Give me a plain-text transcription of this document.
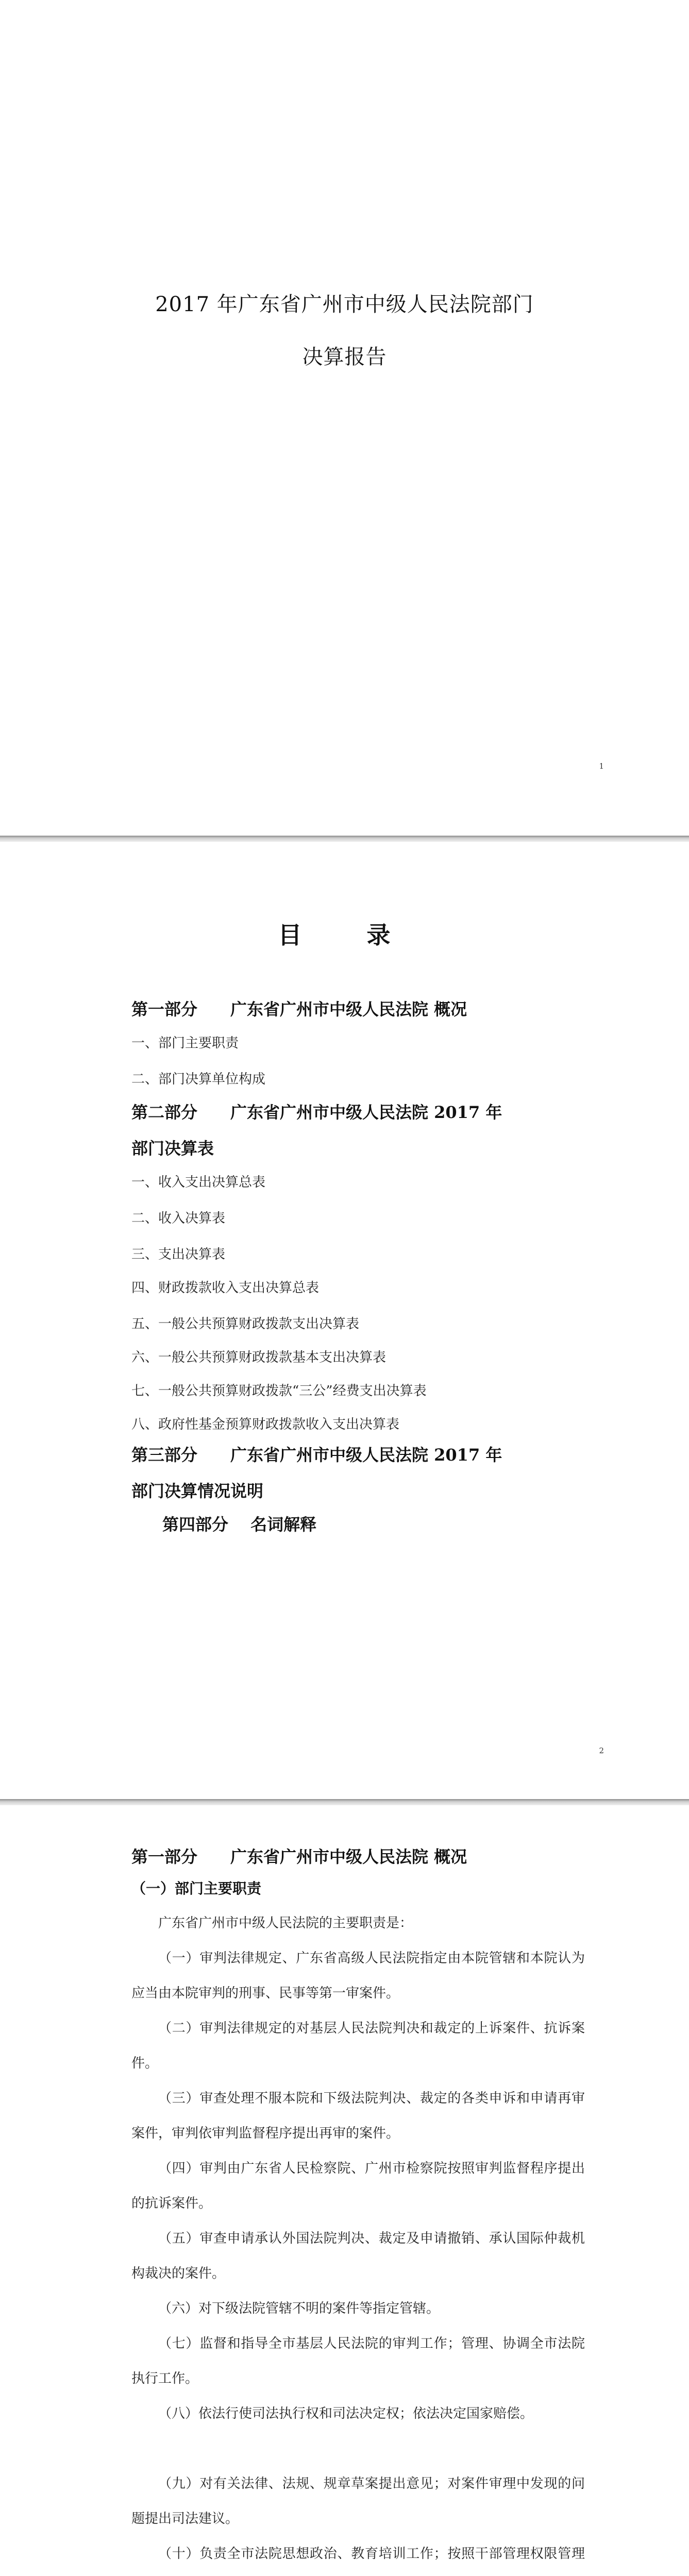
2017 年广东省广州市中级人民法院部门
决算报告
1
目　录
第一部分　　广东省广州市中级人民法院 概况
一、部门主要职责
二、部门决算单位构成
第二部分　　广东省广州市中级人民法院 2017 年
部门决算表
一、收入支出决算总表
二、收入决算表
三、支出决算表
四、财政拨款收入支出决算总表
五、一般公共预算财政拨款支出决算表
六、一般公共预算财政拨款基本支出决算表
七、一般公共预算财政拨款“三公”经费支出决算表
八、政府性基金预算财政拨款收入支出决算表
第三部分　　广东省广州市中级人民法院 2017 年
部门决算情况说明
第四部分　 名词解释
2
第一部分　　广东省广州市中级人民法院 概况
（一）部门主要职责
广东省广州市中级人民法院的主要职责是：
（一）审判法律规定、广东省高级人民法院指定由本院管辖和本院认为应当由本院审判的刑事、民事等第一审案件。
（二）审判法律规定的对基层人民法院判决和裁定的上诉案件、抗诉案件。
（三）审查处理不服本院和下级法院判决、裁定的各类申诉和申请再审案件，审判依审判监督程序提出再审的案件。
（四）审判由广东省人民检察院、广州市检察院按照审判监督程序提出的抗诉案件。
（五）审查申请承认外国法院判决、裁定及申请撤销、承认国际仲裁机构裁决的案件。
（六）对下级法院管辖不明的案件等指定管辖。
（七）监督和指导全市基层人民法院的审判工作；管理、协调全市法院执行工作。
（八）依法行使司法执行权和司法决定权；依法决定国家赔偿。
（九）对有关法律、法规、规章草案提出意见；对案件审理中发现的问题提出司法建议。
（十）负责全市法院思想政治、教育培训工作；按照干部管理权限管理
